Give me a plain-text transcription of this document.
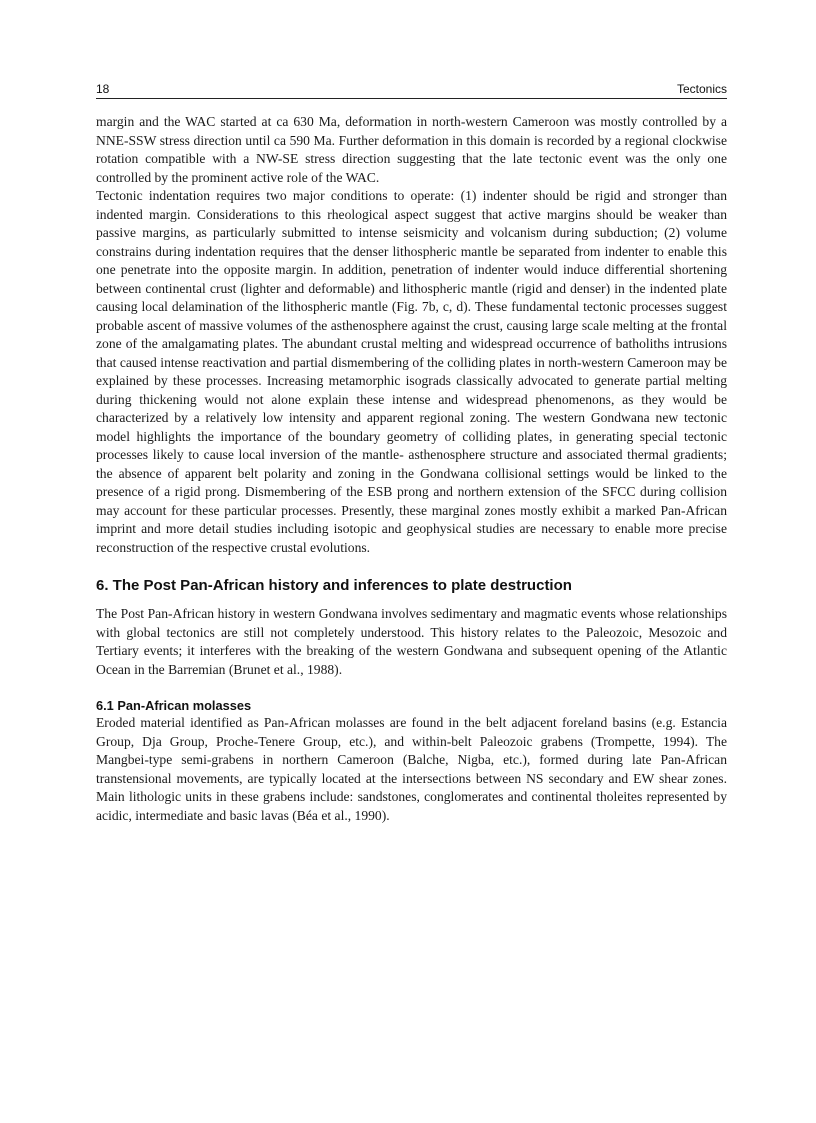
18	Tectonics

margin and the WAC started at ca 630 Ma, deformation in north-western Cameroon was mostly controlled by a NNE-SSW stress direction until ca 590 Ma. Further deformation in this domain is recorded by a regional clockwise rotation compatible with a NW-SE stress direction suggesting that the late tectonic event was the only one controlled by the prominent active role of the WAC.

Tectonic indentation requires two major conditions to operate: (1) indenter should be rigid and stronger than indented margin. Considerations to this rheological aspect suggest that active margins should be weaker than passive margins, as particularly submitted to intense seismicity and volcanism during subduction; (2) volume constrains during indentation requires that the denser lithospheric mantle be separated from indenter to enable this one penetrate into the opposite margin. In addition, penetration of indenter would induce differential shortening between continental crust (lighter and deformable) and lithospheric mantle (rigid and denser) in the indented plate causing local delamination of the lithospheric mantle (Fig. 7b, c, d). These fundamental tectonic processes suggest probable ascent of massive volumes of the asthenosphere against the crust, causing large scale melting at the frontal zone of the amalgamating plates. The abundant crustal melting and widespread occurrence of batholiths intrusions that caused intense reactivation and partial dismembering of the colliding plates in north-western Cameroon may be explained by these processes. Increasing metamorphic isograds classically advocated to generate partial melting during thickening would not alone explain these intense and widespread phenomenons, as they would be characterized by a relatively low intensity and apparent regional zoning. The western Gondwana new tectonic model highlights the importance of the boundary geometry of colliding plates, in generating special tectonic processes likely to cause local inversion of the mantle- asthenosphere structure and associated thermal gradients; the absence of apparent belt polarity and zoning in the Gondwana collisional settings would be linked to the presence of a rigid prong. Dismembering of the ESB prong and northern extension of the SFCC during collision may account for these particular processes. Presently, these marginal zones mostly exhibit a marked Pan-African imprint and more detail studies including isotopic and geophysical studies are necessary to enable more precise reconstruction of the respective crustal evolutions.

6. The Post Pan-African history and inferences to plate destruction

The Post Pan-African history in western Gondwana involves sedimentary and magmatic events whose relationships with global tectonics are still not completely understood. This history relates to the Paleozoic, Mesozoic and Tertiary events; it interferes with the breaking of the western Gondwana and subsequent opening of the Atlantic Ocean in the Barremian (Brunet et al., 1988).

6.1 Pan-African molasses

Eroded material identified as Pan-African molasses are found in the belt adjacent foreland basins (e.g. Estancia Group, Dja Group, Proche-Tenere Group, etc.), and within-belt Paleozoic grabens (Trompette, 1994). The Mangbei-type semi-grabens in northern Cameroon (Balche, Nigba, etc.), formed during late Pan-African transtensional movements, are typically located at the intersections between NS secondary and EW shear zones. Main lithologic units in these grabens include: sandstones, conglomerates and continental tholeites represented by acidic, intermediate and basic lavas (Béa et al., 1990).
